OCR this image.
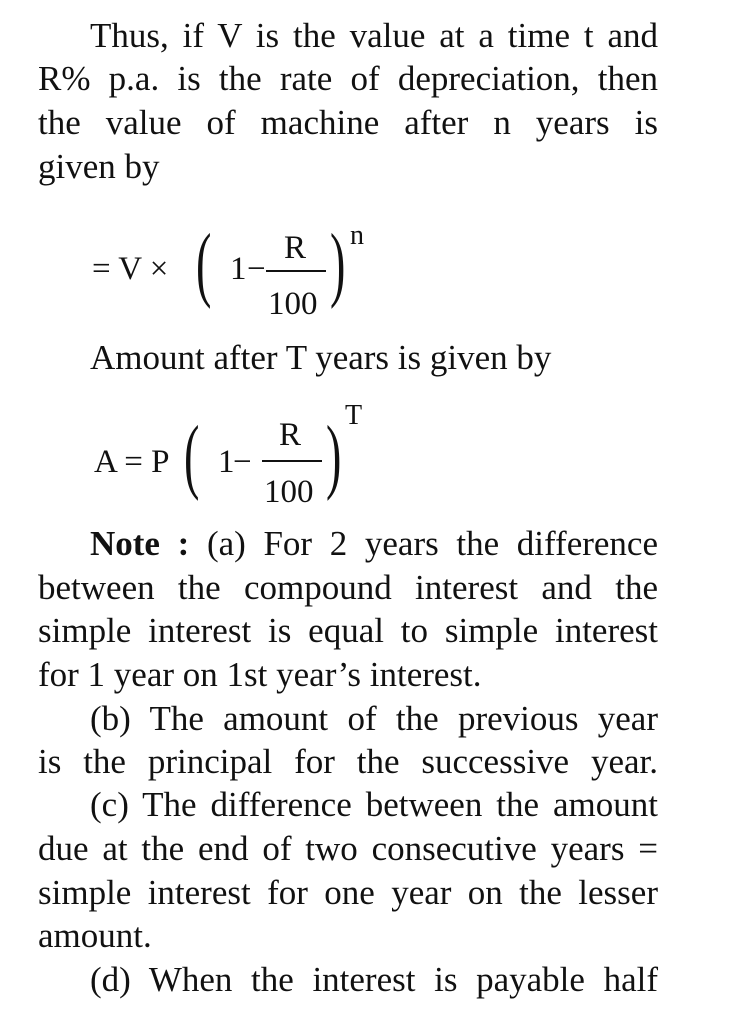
Thus, if V is the value at a time t and
R% p.a. is the rate of depreciation, then
the value of machine after n years is
given by
= V × ( 1 −
R
100 ) n
Amount after T years is given by
A = P ( 1
−
R
100 ) T
Note : (a) For 2 years the difference
between the compound interest and the
simple interest is equal to simple interest
for 1 year on 1st year’s interest.
(b) The amount of the previous year
is the principal for the successive year.
(c) The difference between the amount
due at the end of two consecutive years =
simple interest for one year on the lesser
amount.
(d) When the interest is payable half
